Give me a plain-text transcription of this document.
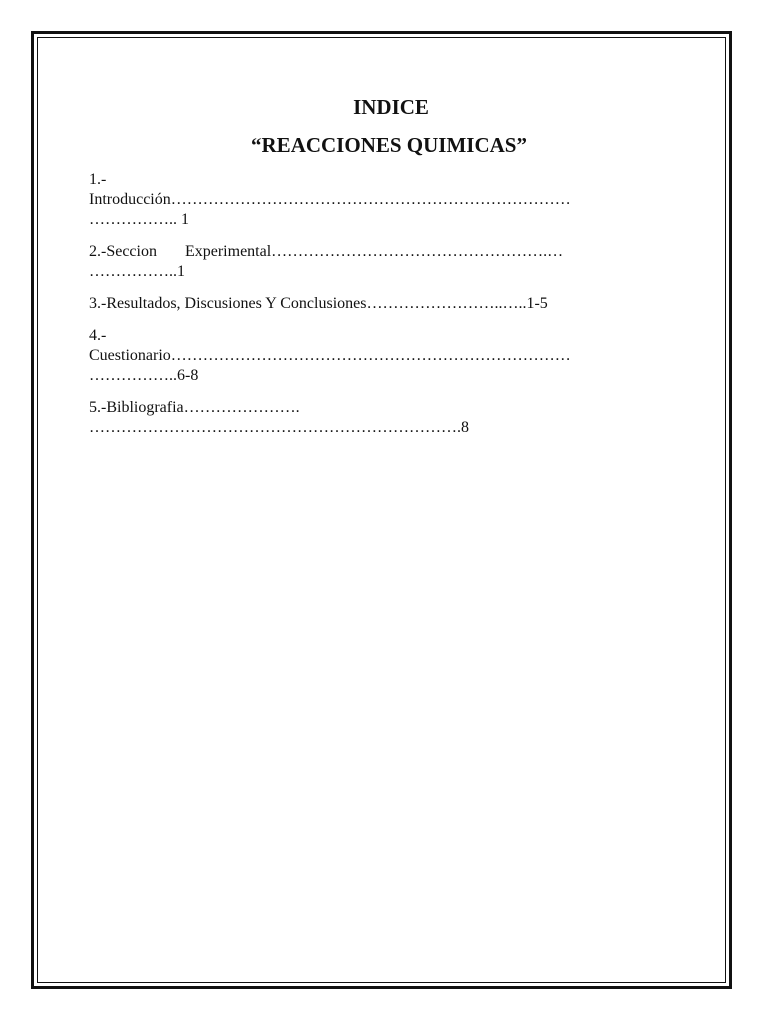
INDICE
“REACCIONES QUIMICAS”
1.-
Introducción…………………………………………………………………
…………….. 1
2.-Seccion       Experimental…………………………………………….…
……………..1
3.-Resultados, Discusiones Y Conclusiones……………………..…..1-5
4.-
Cuestionario…………………………………………………………………
……………..6-8
5.-Bibliografia………………….
…………………………………………………………….8
